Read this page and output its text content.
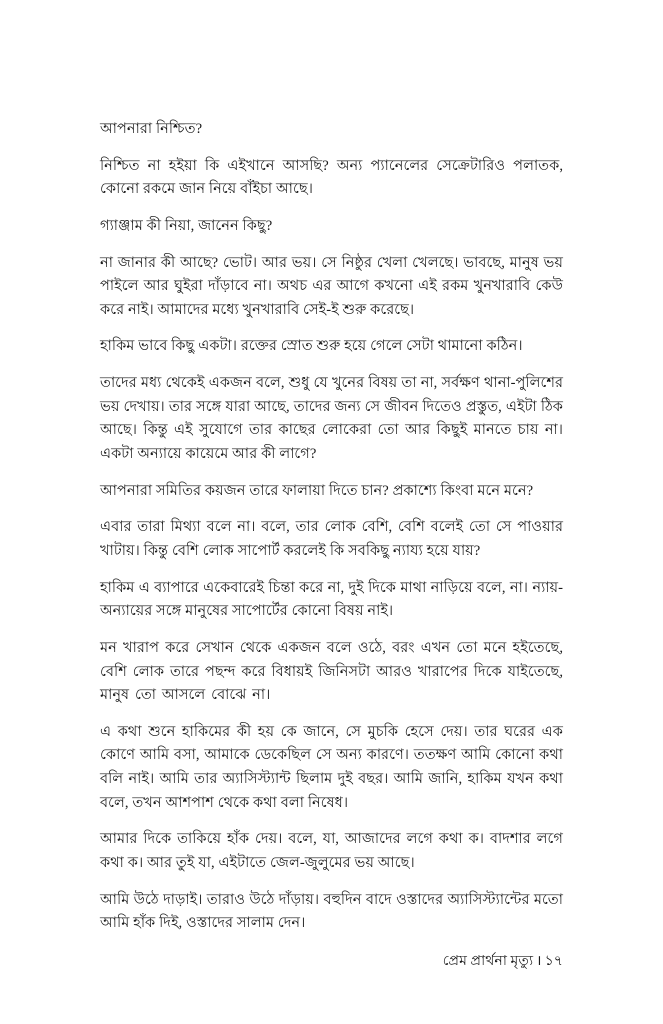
আপনারা নিশ্চিত?

নিশ্চিত না হইয়া কি এইখানে আসছি? অন্য প্যানেলের সেক্রেটারিও পলাতক, কোনো রকমে জান নিয়ে বাঁইচা আছে।

গ্যাঞ্জাম কী নিয়া, জানেন কিছু?

না জানার কী আছে? ভোট। আর ভয়। সে নিষ্ঠুর খেলা খেলছে। ভাবছে, মানুষ ভয় পাইলে আর ঘুইরা দাঁড়াবে না। অথচ এর আগে কখনো এই রকম খুনখারাবি কেউ করে নাই। আমাদের মধ্যে খুনখারাবি সেই-ই শুরু করেছে।

হাকিম ভাবে কিছু একটা। রক্তের স্রোত শুরু হয়ে গেলে সেটা থামানো কঠিন।

তাদের মধ্য থেকেই একজন বলে, শুধু যে খুনের বিষয় তা না, সর্বক্ষণ থানা-পুলিশের ভয় দেখায়। তার সঙ্গে যারা আছে, তাদের জন্য সে জীবন দিতেও প্রস্তুত, এইটা ঠিক আছে। কিন্তু এই সুযোগে তার কাছের লোকেরা তো আর কিছুই মানতে চায় না। একটা অন্যায়ে কায়েমে আর কী লাগে?

আপনারা সমিতির কয়জন তারে ফালায়া দিতে চান? প্রকাশ্যে কিংবা মনে মনে?

এবার তারা মিথ্যা বলে না। বলে, তার লোক বেশি, বেশি বলেই তো সে পাওয়ার খাটায়। কিন্তু বেশি লোক সাপোর্ট করলেই কি সবকিছু ন্যায্য হয়ে যায়?

হাকিম এ ব্যাপারে একেবারেই চিন্তা করে না, দুই দিকে মাথা নাড়িয়ে বলে, না। ন্যায়-অন্যায়ের সঙ্গে মানুষের সাপোর্টের কোনো বিষয় নাই।

মন খারাপ করে সেখান থেকে একজন বলে ওঠে, বরং এখন তো মনে হইতেছে, বেশি লোক তারে পছন্দ করে বিধায়ই জিনিসটা আরও খারাপের দিকে যাইতেছে, মানুষ তো আসলে বোঝে না।

এ কথা শুনে হাকিমের কী হয় কে জানে, সে মুচকি হেসে দেয়। তার ঘরের এক কোণে আমি বসা, আমাকে ডেকেছিল সে অন্য কারণে। ততক্ষণ আমি কোনো কথা বলি নাই। আমি তার অ্যাসিস্ট্যান্ট ছিলাম দুই বছর। আমি জানি, হাকিম যখন কথা বলে, তখন আশপাশ থেকে কথা বলা নিষেধ।

আমার দিকে তাকিয়ে হাঁক দেয়। বলে, যা, আজাদের লগে কথা ক। বাদশার লগে কথা ক। আর তুই যা, এইটাতে জেল-জুলুমের ভয় আছে।

আমি উঠে দাড়াই। তারাও উঠে দাঁড়ায়। বহুদিন বাদে ওস্তাদের অ্যাসিস্ট্যান্টের মতো আমি হাঁক দিই, ওস্তাদের সালাম দেন।

প্রেম প্রার্থনা মৃত্যু । ১৭
